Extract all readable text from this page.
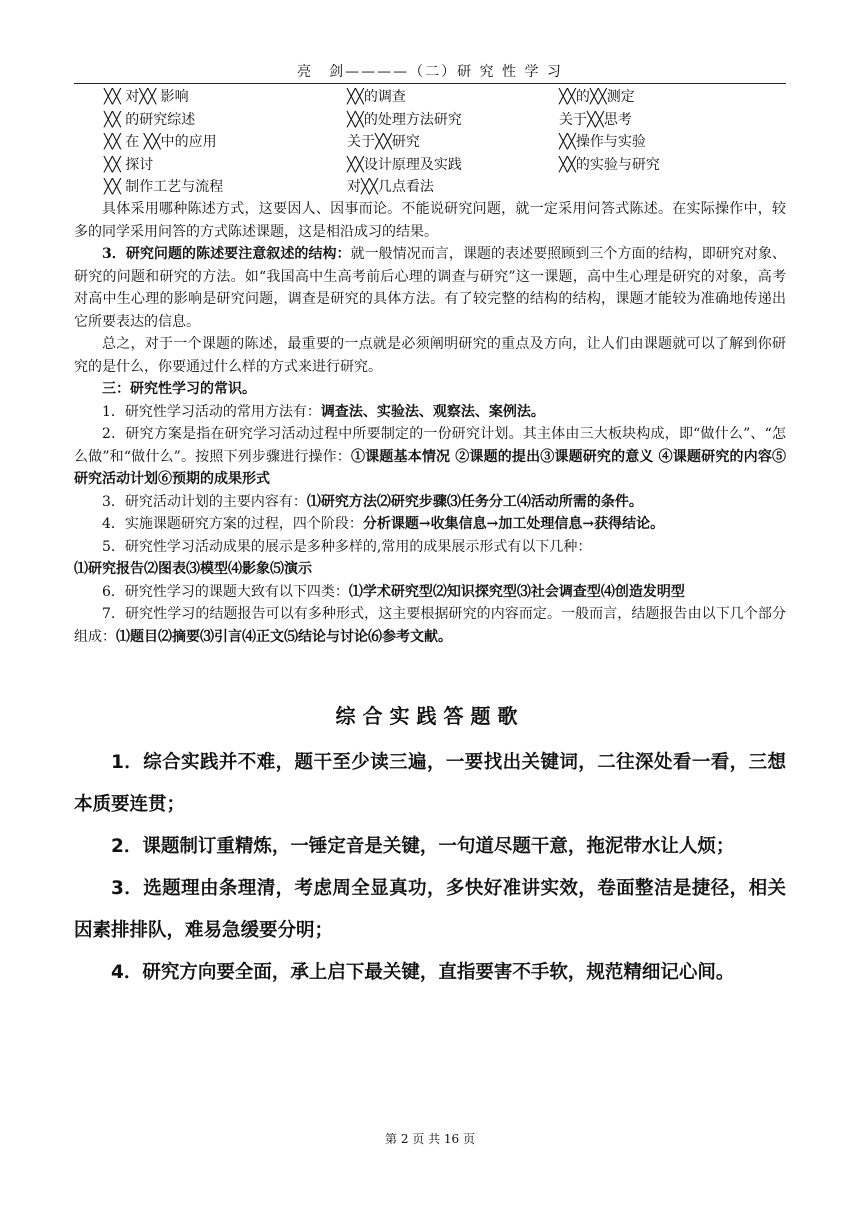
亮　剑————（二）研 究 性 学 习
╳╳ 对╳╳ 影响	╳╳的调查	╳╳的╳╳测定
╳╳ 的研究综述	╳╳的处理方法研究	关于╳╳思考
╳╳ 在 ╳╳中的应用	关于╳╳研究	╳╳操作与实验
╳╳ 探讨	╳╳设计原理及实践	╳╳的实验与研究
╳╳ 制作工艺与流程	对╳╳几点看法

具体采用哪种陈述方式，这要因人、因事而论。不能说研究问题，就一定采用问答式陈述。在实际操作中，较多的同学采用问答的方式陈述课题，这是相沿成习的结果。

3．研究问题的陈述要注意叙述的结构：就一般情况而言，课题的表述要照顾到三个方面的结构，即研究对象、研究的问题和研究的方法。如“我国高中生高考前后心理的调查与研究”这一课题，高中生心理是研究的对象，高考对高中生心理的影响是研究问题，调查是研究的具体方法。有了较完整的结构的结构，课题才能较为准确地传递出它所要表达的信息。

总之，对于一个课题的陈述，最重要的一点就是必须阐明研究的重点及方向，让人们由课题就可以了解到你研究的是什么，你要通过什么样的方式来进行研究。

三：研究性学习的常识。

1．研究性学习活动的常用方法有：调查法、实验法、观察法、案例法。

2．研究方案是指在研究学习活动过程中所要制定的一份研究计划。其主体由三大板块构成，即“做什么”、“怎么做”和“做什么”。按照下列步骤进行操作：①课题基本情况 ②课题的提出③课题研究的意义 ④课题研究的内容⑤研究活动计划⑥预期的成果形式

3．研究活动计划的主要内容有：⑴研究方法⑵研究步骤⑶任务分工⑷活动所需的条件。

4．实施课题研究方案的过程，四个阶段：分析课题→收集信息→加工处理信息→获得结论。

5．研究性学习活动成果的展示是多种多样的,常用的成果展示形式有以下几种：

⑴研究报告⑵图表⑶模型⑷影象⑸演示

6．研究性学习的课题大致有以下四类：⑴学术研究型⑵知识探究型⑶社会调查型⑷创造发明型

7．研究性学习的结题报告可以有多种形式，这主要根据研究的内容而定。一般而言，结题报告由以下几个部分组成：⑴题目⑵摘要⑶引言⑷正文⑸结论与讨论⑹参考文献。

综合实践答题歌

1．综合实践并不难，题干至少读三遍，一要找出关键词，二往深处看一看，三想本质要连贯；

2．课题制订重精炼，一锤定音是关键，一句道尽题干意，拖泥带水让人烦；

3．选题理由条理清，考虑周全显真功，多快好准讲实效，卷面整洁是捷径，相关因素排排队，难易急缓要分明；

4．研究方向要全面，承上启下最关键，直指要害不手软，规范精细记心间。

第 2 页 共 16 页
